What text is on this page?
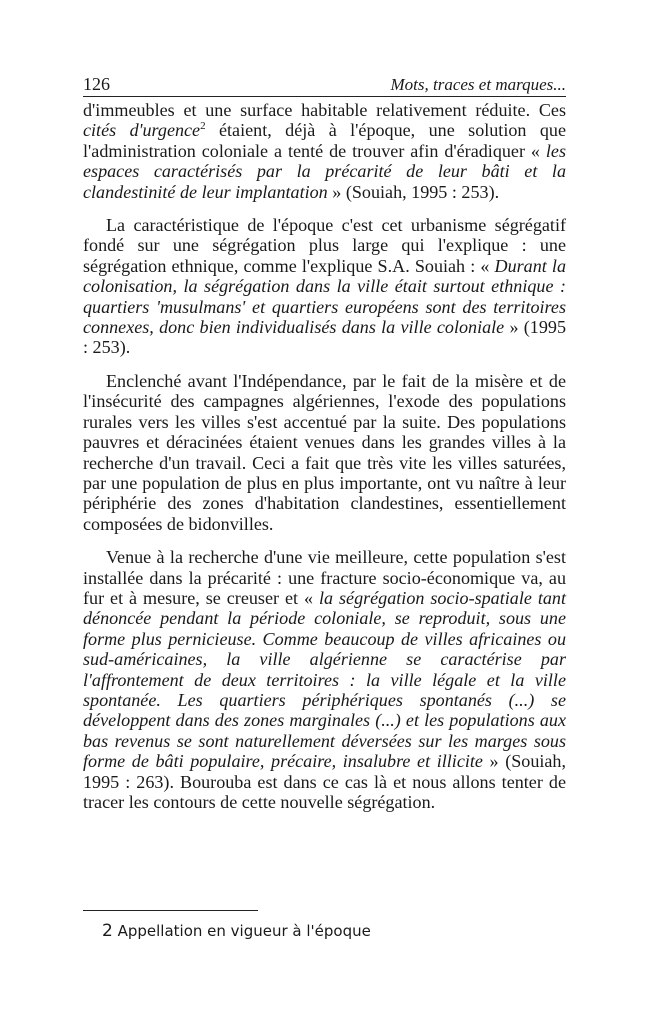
126	Mots, traces et marques...

d'immeubles et une surface habitable relativement réduite. Ces cités d'urgence$^2$ étaient, déjà à l'époque, une solution que l'administration coloniale a tenté de trouver afin d'éradiquer « les espaces caractérisés par la précarité de leur bâti et la clandestinité de leur implantation » (Souiah, 1995 : 253).

La caractéristique de l'époque c'est cet urbanisme ségrégatif fondé sur une ségrégation plus large qui l'explique : une ségrégation ethnique, comme l'explique S.A. Souiah : « Durant la colonisation, la ségrégation dans la ville était surtout ethnique : quartiers 'musulmans' et quartiers européens sont des territoires connexes, donc bien individualisés dans la ville coloniale » (1995 : 253).

Enclenché avant l'Indépendance, par le fait de la misère et de l'insécurité des campagnes algériennes, l'exode des populations rurales vers les villes s'est accentué par la suite. Des populations pauvres et déracinées étaient venues dans les grandes villes à la recherche d'un travail. Ceci a fait que très vite les villes saturées, par une population de plus en plus importante, ont vu naître à leur périphérie des zones d'habitation clandestines, essentiellement composées de bidonvilles.

Venue à la recherche d'une vie meilleure, cette population s'est installée dans la précarité : une fracture socio-économique va, au fur et à mesure, se creuser et « la ségrégation socio-spatiale tant dénoncée pendant la période coloniale, se reproduit, sous une forme plus pernicieuse. Comme beaucoup de villes africaines ou sud-américaines, la ville algérienne se caractérise par l'affrontement de deux territoires : la ville légale et la ville spontanée. Les quartiers périphériques spontanés (...) se développent dans des zones marginales (...) et les populations aux bas revenus se sont naturellement déversées sur les marges sous forme de bâti populaire, précaire, insalubre et illicite » (Souiah, 1995 : 263). Bourouba est dans ce cas là et nous allons tenter de tracer les contours de cette nouvelle ségrégation.

2 Appellation en vigueur à l'époque
